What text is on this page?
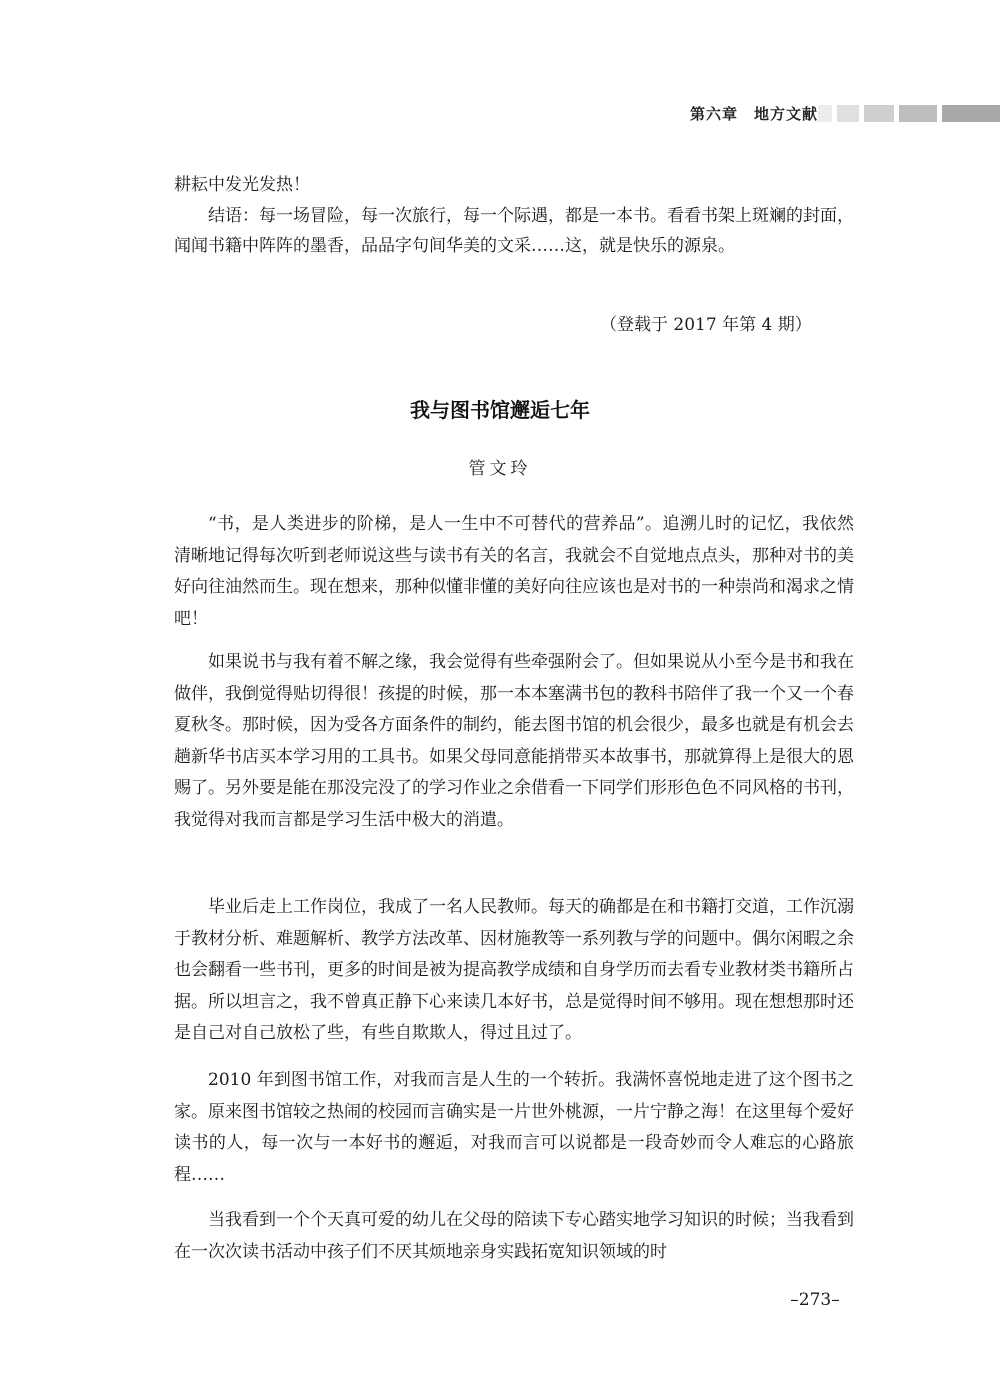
第六章　地方文献

耕耘中发光发热！

结语：每一场冒险，每一次旅行，每一个际遇，都是一本书。看看书架上斑斓的封面，闻闻书籍中阵阵的墨香，品品字句间华美的文采……这，就是快乐的源泉。

（登载于 2017 年第 4 期）
我与图书馆邂逅七年
管文玲

“书，是人类进步的阶梯，是人一生中不可替代的营养品”。追溯儿时的记忆，我依然清晰地记得每次听到老师说这些与读书有关的名言，我就会不自觉地点点头，那种对书的美好向往油然而生。现在想来，那种似懂非懂的美好向往应该也是对书的一种崇尚和渴求之情吧！

如果说书与我有着不解之缘，我会觉得有些牵强附会了。但如果说从小至今是书和我在做伴，我倒觉得贴切得很！孩提的时候，那一本本塞满书包的教科书陪伴了我一个又一个春夏秋冬。那时候，因为受各方面条件的制约，能去图书馆的机会很少，最多也就是有机会去趟新华书店买本学习用的工具书。如果父母同意能捎带买本故事书，那就算得上是很大的恩赐了。另外要是能在那没完没了的学习作业之余借看一下同学们形形色色不同风格的书刊，我觉得对我而言都是学习生活中极大的消遣。

毕业后走上工作岗位，我成了一名人民教师。每天的确都是在和书籍打交道，工作沉溺于教材分析、难题解析、教学方法改革、因材施教等一系列教与学的问题中。偶尔闲暇之余也会翻看一些书刊，更多的时间是被为提高教学成绩和自身学历而去看专业教材类书籍所占据。所以坦言之，我不曾真正静下心来读几本好书，总是觉得时间不够用。现在想想那时还是自己对自己放松了些，有些自欺欺人，得过且过了。

2010 年到图书馆工作，对我而言是人生的一个转折。我满怀喜悦地走进了这个图书之家。原来图书馆较之热闹的校园而言确实是一片世外桃源，一片宁静之海！在这里每个爱好读书的人，每一次与一本好书的邂逅，对我而言可以说都是一段奇妙而令人难忘的心路旅程……

当我看到一个个天真可爱的幼儿在父母的陪读下专心踏实地学习知识的时候；当我看到在一次次读书活动中孩子们不厌其烦地亲身实践拓宽知识领域的时

–273–
